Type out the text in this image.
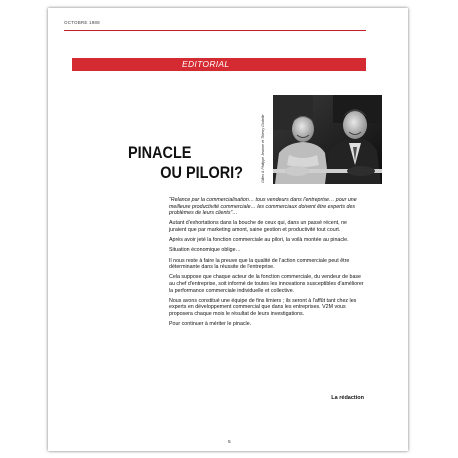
OCTOBRE 1988
EDITORIAL
Gilles & Philippe Jeanne et Thierry Godelle
PINACLE
OU PILORI?

“Relance par la commercialisation… tous vendeurs dans l'entreprise… pour une meilleure productivité commerciale… les commerciaux doivent être experts des problèmes de leurs clients”…

Autant d'exhortations dans la bouche de ceux qui, dans un passé récent, ne juraient que par marketing amont, saine gestion et productivité tout court.

Après avoir jeté la fonction commerciale au pilori, la voilà montée au pinacle.

Situation économique oblige…

Il nous reste à faire la preuve que la qualité de l'action commerciale peut être déterminante dans la réussite de l'entreprise.

Cela suppose que chaque acteur de la fonction commerciale, du vendeur de base au chef d'entreprise, soit informé de toutes les innovations susceptibles d'améliorer la performance commerciale individuelle et collective.

Nous avons constitué une équipe de fins limiers ; ils seront à l'affût tant chez les experts en développement commercial que dans les entreprises. V2M vous proposera chaque mois le résultat de leurs investigations.

Pour continuer à mériter le pinacle.

La rédaction
5
